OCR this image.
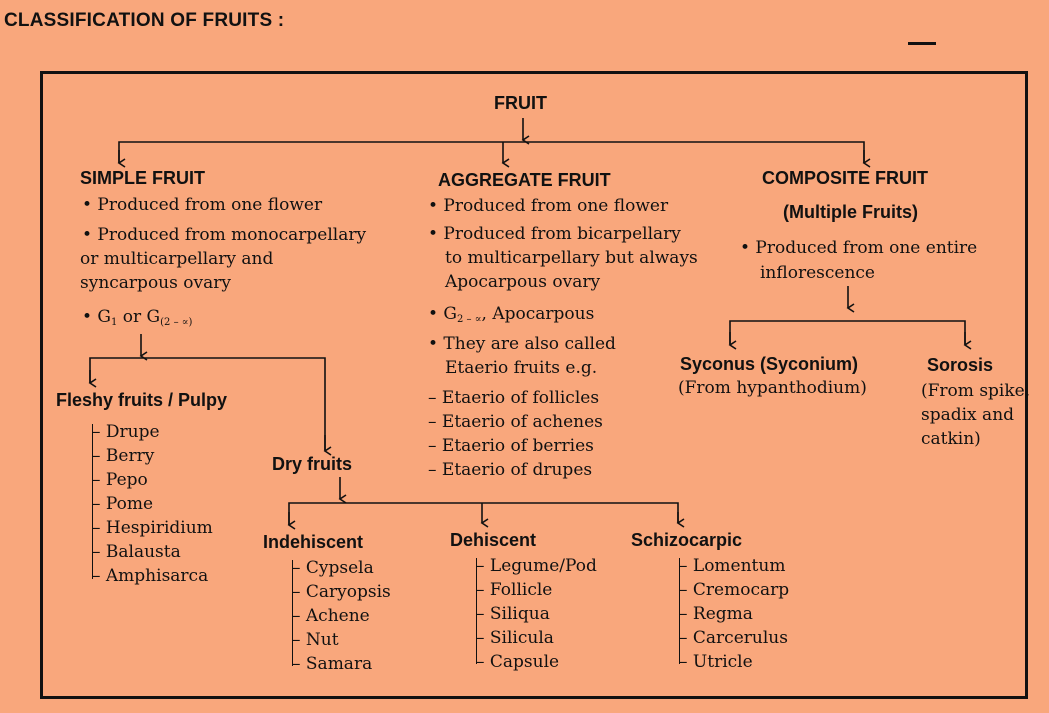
CLASSIFICATION OF FRUITS :
FRUIT
SIMPLE FRUIT
• Produced from one flower
• Produced from monocarpellary
or multicarpellary and
syncarpous ovary
• $G_1$ or $G_{(2 - \propto)}$
Fleshy fruits / Pulpy
– Drupe
– Berry
– Pepo
– Pome
– Hespiridium
– Balausta
– Amphisarca
Dry fruits
Indehiscent
– Cypsela
– Caryopsis
– Achene
– Nut
– Samara
Dehiscent
– Legume/Pod
– Follicle
– Siliqua
– Silicula
– Capsule
Schizocarpic
– Lomentum
– Cremocarp
– Regma
– Carcerulus
– Utricle
AGGREGATE FRUIT
• Produced from one flower
• Produced from bicarpellary
to multicarpellary but always
Apocarpous ovary
• $G_{2 - \propto}$, Apocarpous
• They are also called
Etaerio fruits e.g.
– Etaerio of follicles
– Etaerio of achenes
– Etaerio of berries
– Etaerio of drupes
COMPOSITE FRUIT
(Multiple Fruits)
• Produced from one entire
inflorescence
Syconus (Syconium)
(From hypanthodium)
Sorosis
(From spike,
spadix and
catkin)
